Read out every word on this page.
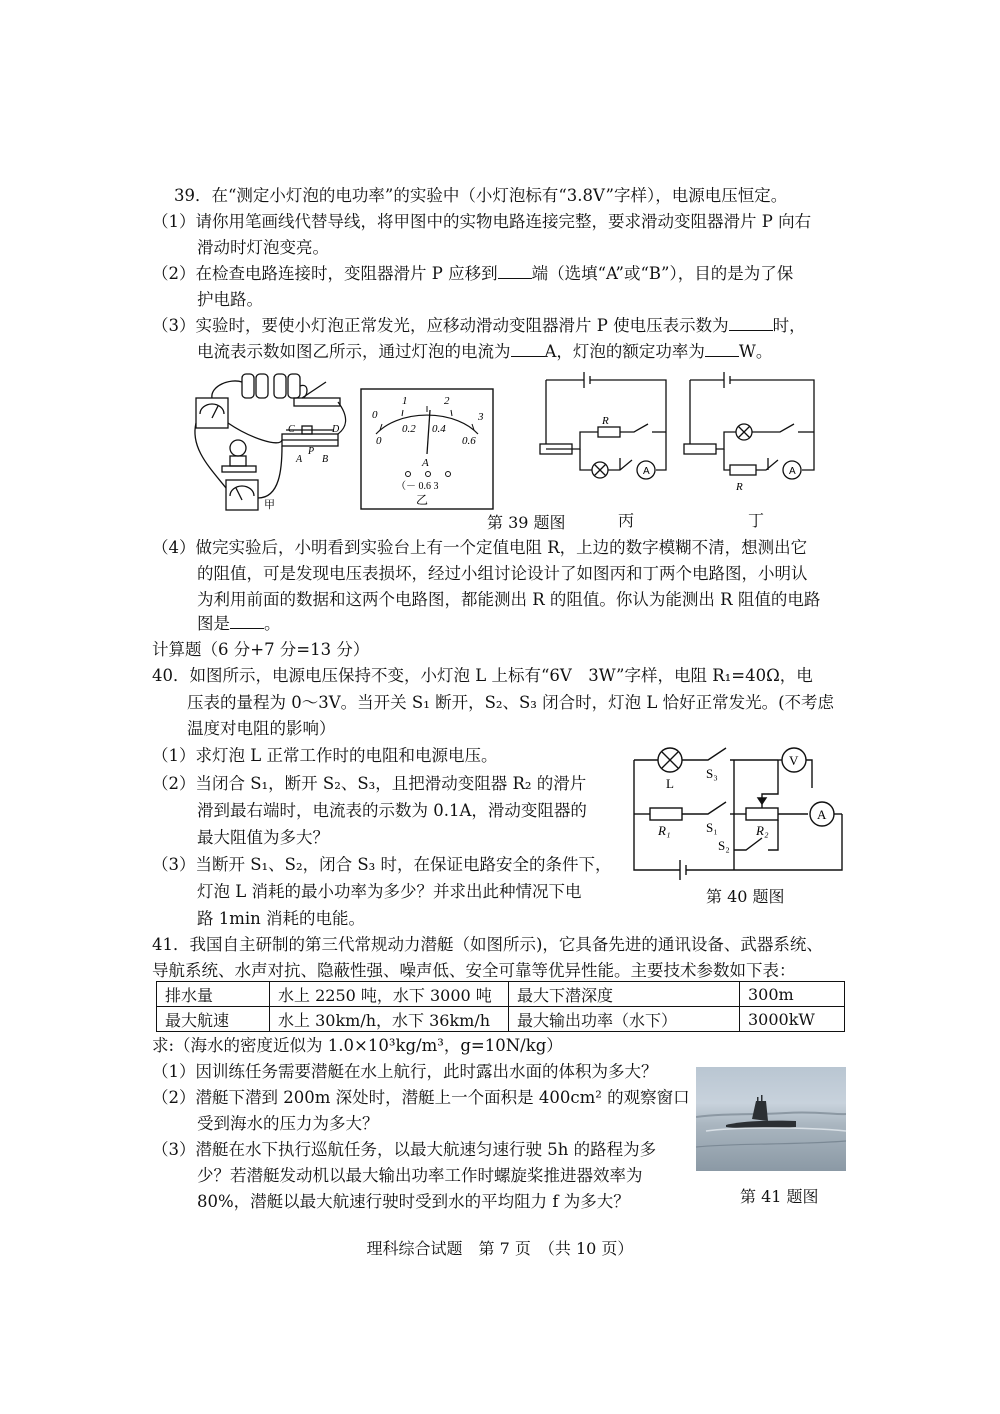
39．在“测定小灯泡的电功率”的实验中（小灯泡标有“3.8V”字样），电源电压恒定。
（1）请你用笔画线代替导线，将甲图中的实物电路连接完整，要求滑动变阻器滑片 P 向右
滑动时灯泡变亮。
（2）在检查电路连接时，变阻器滑片 P 应移到 端（选填“A”或“B”），目的是为了保
护电路。
（3）实验时，要使小灯泡正常发光，应移动滑动变阻器滑片 P 使电压表示数为	时，
电流表示数如图乙所示，通过灯泡的电流为 A，灯泡的额定功率为 W。
C	D
A B
P
甲
0
1	2
3
0
0.2 0.4
0.6
A
（－ 0.6 3
乙
A
R
第 39 题图	丙
A
R
丁
（4）做完实验后，小明看到实验台上有一个定值电阻 R，上边的数字模糊不清，想测出它
的阻值，可是发现电压表损坏，经过小组讨论设计了如图丙和丁两个电路图，小明认
为利用前面的数据和这两个电路图，都能测出 R 的阻值。你认为能测出 R 阻值的电路
图是 。
计算题（6 分+7 分=13 分）
40．如图所示，电源电压保持不变，小灯泡 L 上标有“6V　3W”字样，电阻 R₁=40Ω，电
压表的量程为 0～3V。当开关 S₁ 断开，S₂、S₃ 闭合时，灯泡 L 恰好正常发光。(不考虑
温度对电阻的影响）
（1）求灯泡 L 正常工作时的电阻和电源电压。
（2）当闭合 S₁，断开 S₂、S₃，且把滑动变阻器 R₂ 的滑片
滑到最右端时，电流表的示数为 0.1A，滑动变阻器的
最大阻值为多大？
（3）当断开 S₁、S₂，闭合 S₃ 时，在保证电路安全的条件下，
灯泡 L 消耗的最小功率为多少？并求出此种情况下电
路 1min 消耗的电能。
L
S₃
V
R₁	S₁	R₂
A
S₂
第 40 题图
41．我国自主研制的第三代常规动力潜艇（如图所示)，它具备先进的通讯设备、武器系统、
导航系统、水声对抗、隐蔽性强、噪声低、安全可靠等优异性能。主要技术参数如下表：
排水量	水上 2250 吨，水下 3000 吨	最大下潜深度	300m
最大航速	水上 30km/h，水下 36km/h	最大输出功率（水下）	3000kW
求:（海水的密度近似为 1.0×10³kg/m³，g=10N/kg）
（1）因训练任务需要潜艇在水上航行，此时露出水面的体积为多大？
（2）潜艇下潜到 200m 深处时，潜艇上一个面积是 400cm² 的观察窗口
受到海水的压力为多大？
（3）潜艇在水下执行巡航任务，以最大航速匀速行驶 5h 的路程为多
少？若潜艇发动机以最大输出功率工作时螺旋桨推进器效率为
80%，潜艇以最大航速行驶时受到水的平均阻力 f 为多大？	第 41 题图
理科综合试题　第 7 页　（共 10 页）
